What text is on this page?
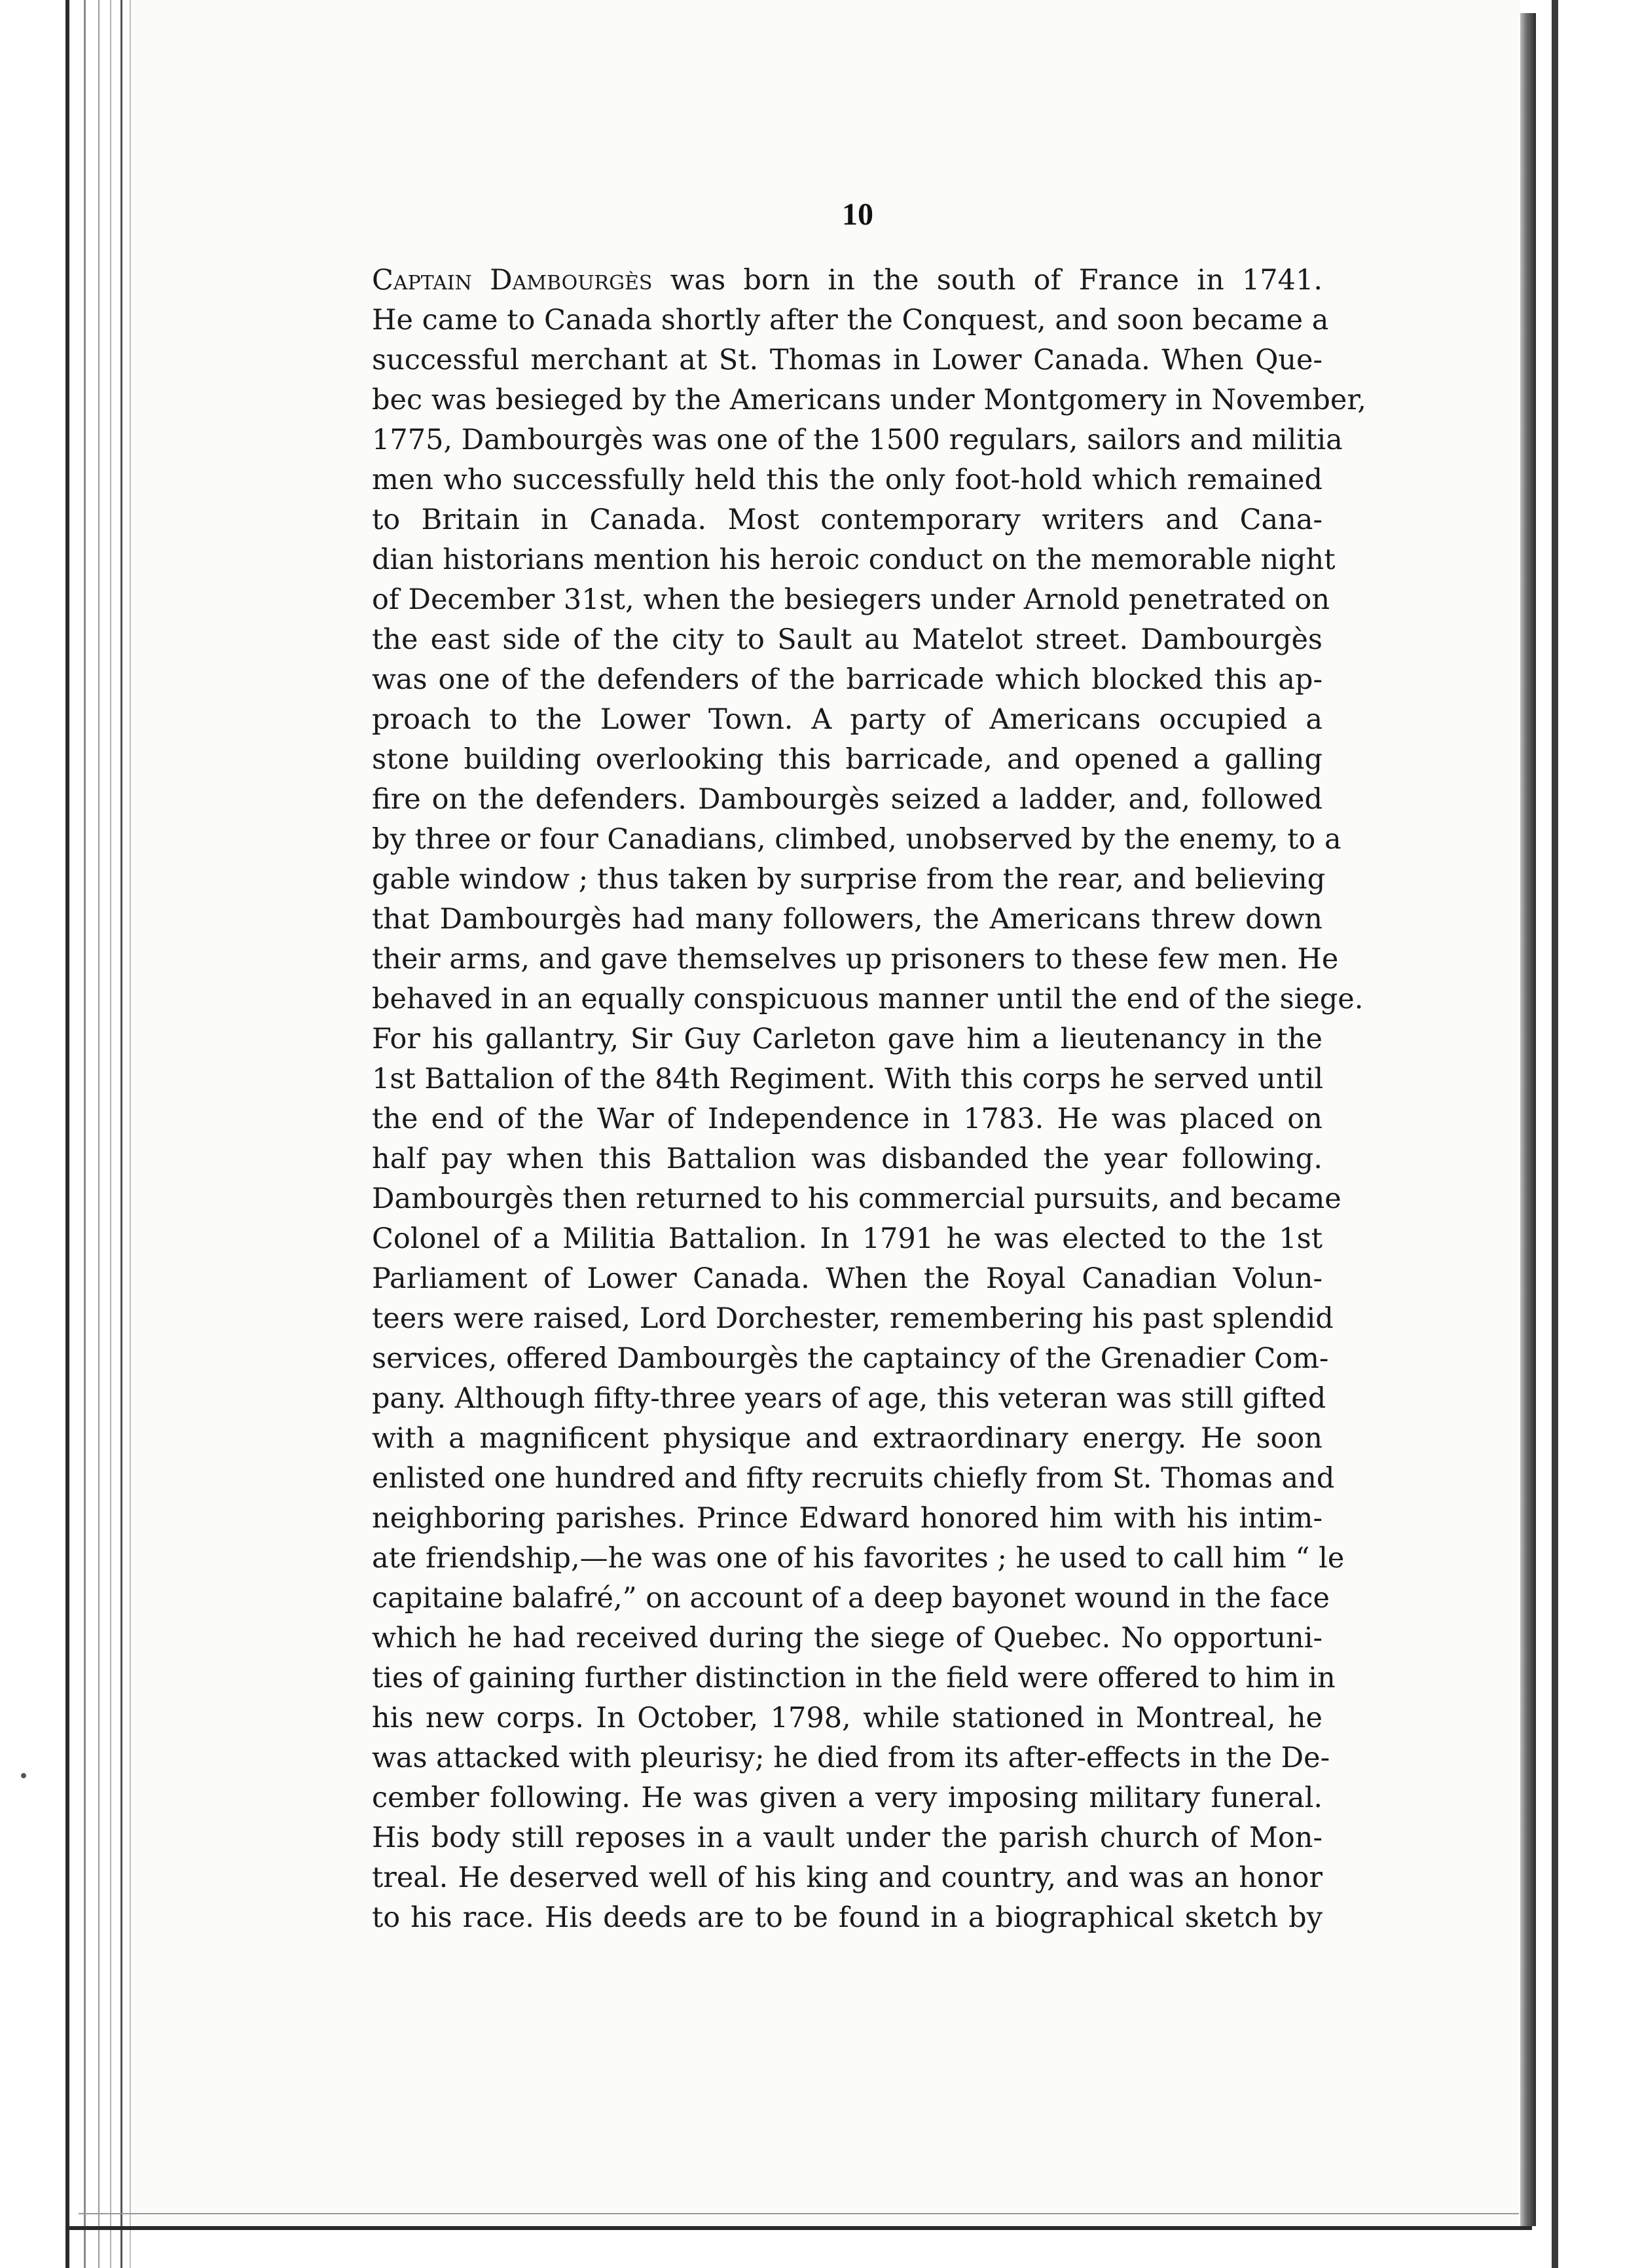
10
Captain Dambourgès was born in the south of France in 1741.
He came to Canada shortly after the Conquest, and soon became a
successful merchant at St. Thomas in Lower Canada. When Que-
bec was besieged by the Americans under Montgomery in November,
1775, Dambourgès was one of the 1500 regulars, sailors and militia
men who successfully held this the only foot-hold which remained
to Britain in Canada. Most contemporary writers and Cana-
dian historians mention his heroic conduct on the memorable night
of December 31st, when the besiegers under Arnold penetrated on
the east side of the city to Sault au Matelot street. Dambourgès
was one of the defenders of the barricade which blocked this ap-
proach to the Lower Town. A party of Americans occupied a
stone building overlooking this barricade, and opened a galling
fire on the defenders. Dambourgès seized a ladder, and, followed
by three or four Canadians, climbed, unobserved by the enemy, to a
gable window ; thus taken by surprise from the rear, and believing
that Dambourgès had many followers, the Americans threw down
their arms, and gave themselves up prisoners to these few men. He
behaved in an equally conspicuous manner until the end of the siege.
For his gallantry, Sir Guy Carleton gave him a lieutenancy in the
1st Battalion of the 84th Regiment. With this corps he served until
the end of the War of Independence in 1783. He was placed on
half pay when this Battalion was disbanded the year following.
Dambourgès then returned to his commercial pursuits, and became
Colonel of a Militia Battalion. In 1791 he was elected to the 1st
Parliament of Lower Canada. When the Royal Canadian Volun-
teers were raised, Lord Dorchester, remembering his past splendid
services, offered Dambourgès the captaincy of the Grenadier Com-
pany. Although fifty-three years of age, this veteran was still gifted
with a magnificent physique and extraordinary energy. He soon
enlisted one hundred and fifty recruits chiefly from St. Thomas and
neighboring parishes. Prince Edward honored him with his intim-
ate friendship,—he was one of his favorites ; he used to call him “ le
capitaine balafré,” on account of a deep bayonet wound in the face
which he had received during the siege of Quebec. No opportuni-
ties of gaining further distinction in the field were offered to him in
his new corps. In October, 1798, while stationed in Montreal, he
was attacked with pleurisy; he died from its after-effects in the De-
cember following. He was given a very imposing military funeral.
His body still reposes in a vault under the parish church of Mon-
treal. He deserved well of his king and country, and was an honor
to his race. His deeds are to be found in a biographical sketch by
